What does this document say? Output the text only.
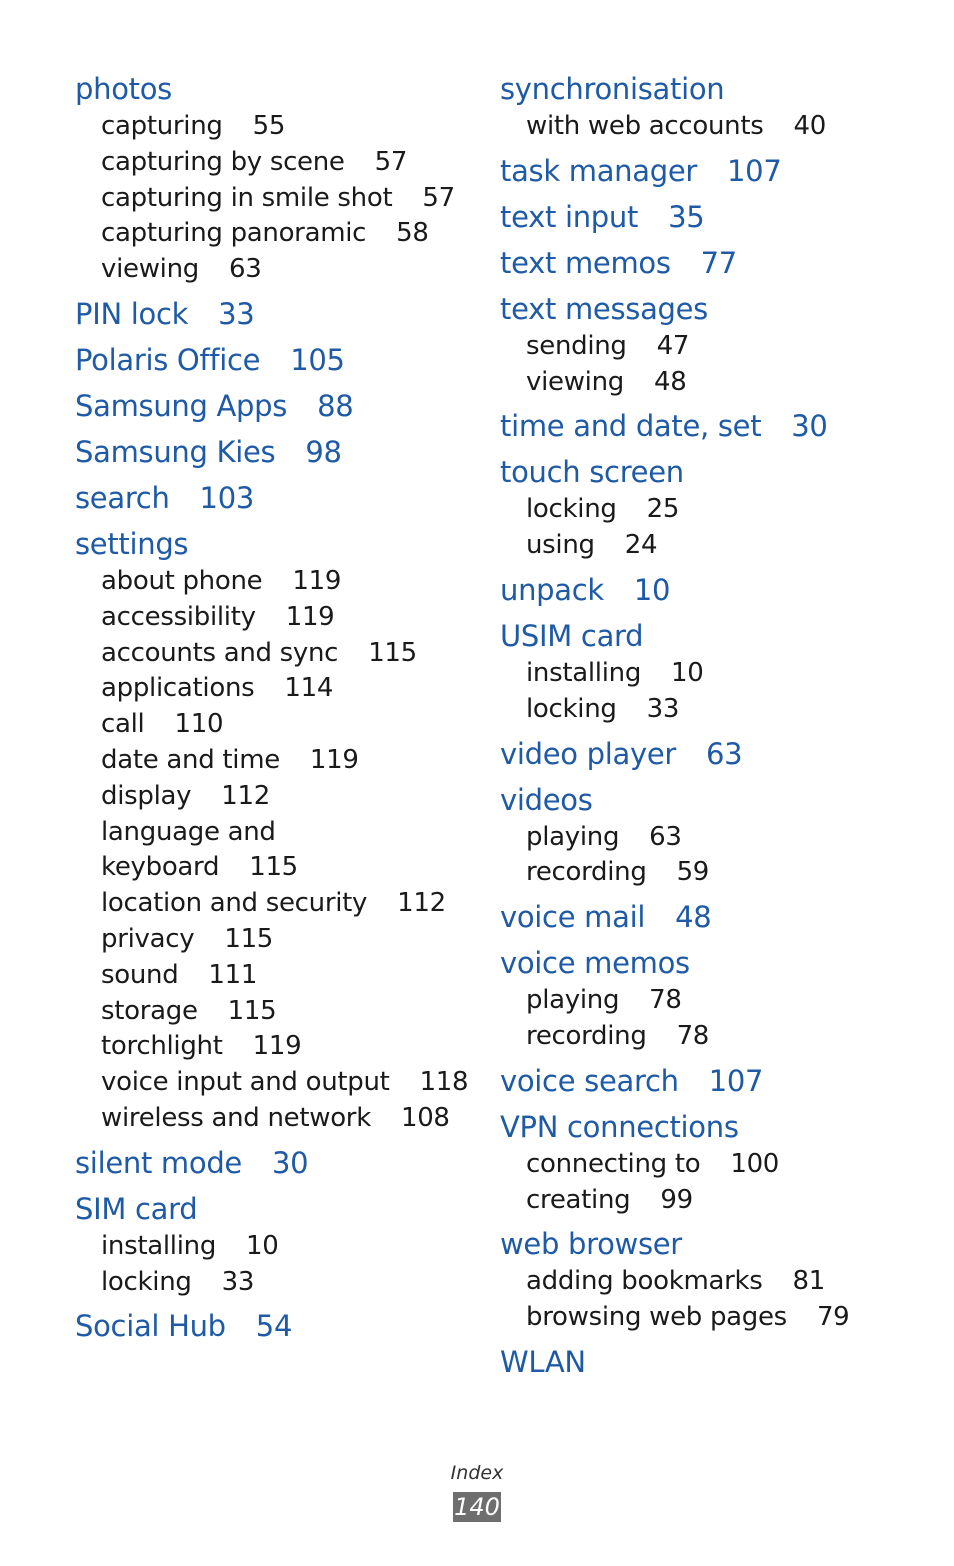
photos
capturing 55
capturing by scene 57
capturing in smile shot 57
capturing panoramic 58
viewing 63
PIN lock 33
Polaris Office 105
Samsung Apps 88
Samsung Kies 98
search 103
settings
about phone 119
accessibility 119
accounts and sync 115
applications 114
call 110
date and time 119
display 112
language and
keyboard 115
location and security 112
privacy 115
sound 111
storage 115
torchlight 119
voice input and output 118
wireless and network 108
silent mode 30
SIM card
installing 10
locking 33
Social Hub 54
synchronisation
with web accounts 40
task manager 107
text input 35
text memos 77
text messages
sending 47
viewing 48
time and date, set 30
touch screen
locking 25
using 24
unpack 10
USIM card
installing 10
locking 33
video player 63
videos
playing 63
recording 59
voice mail 48
voice memos
playing 78
recording 78
voice search 107
VPN connections
connecting to 100
creating 99
web browser
adding bookmarks 81
browsing web pages 79
WLAN
Index
140
